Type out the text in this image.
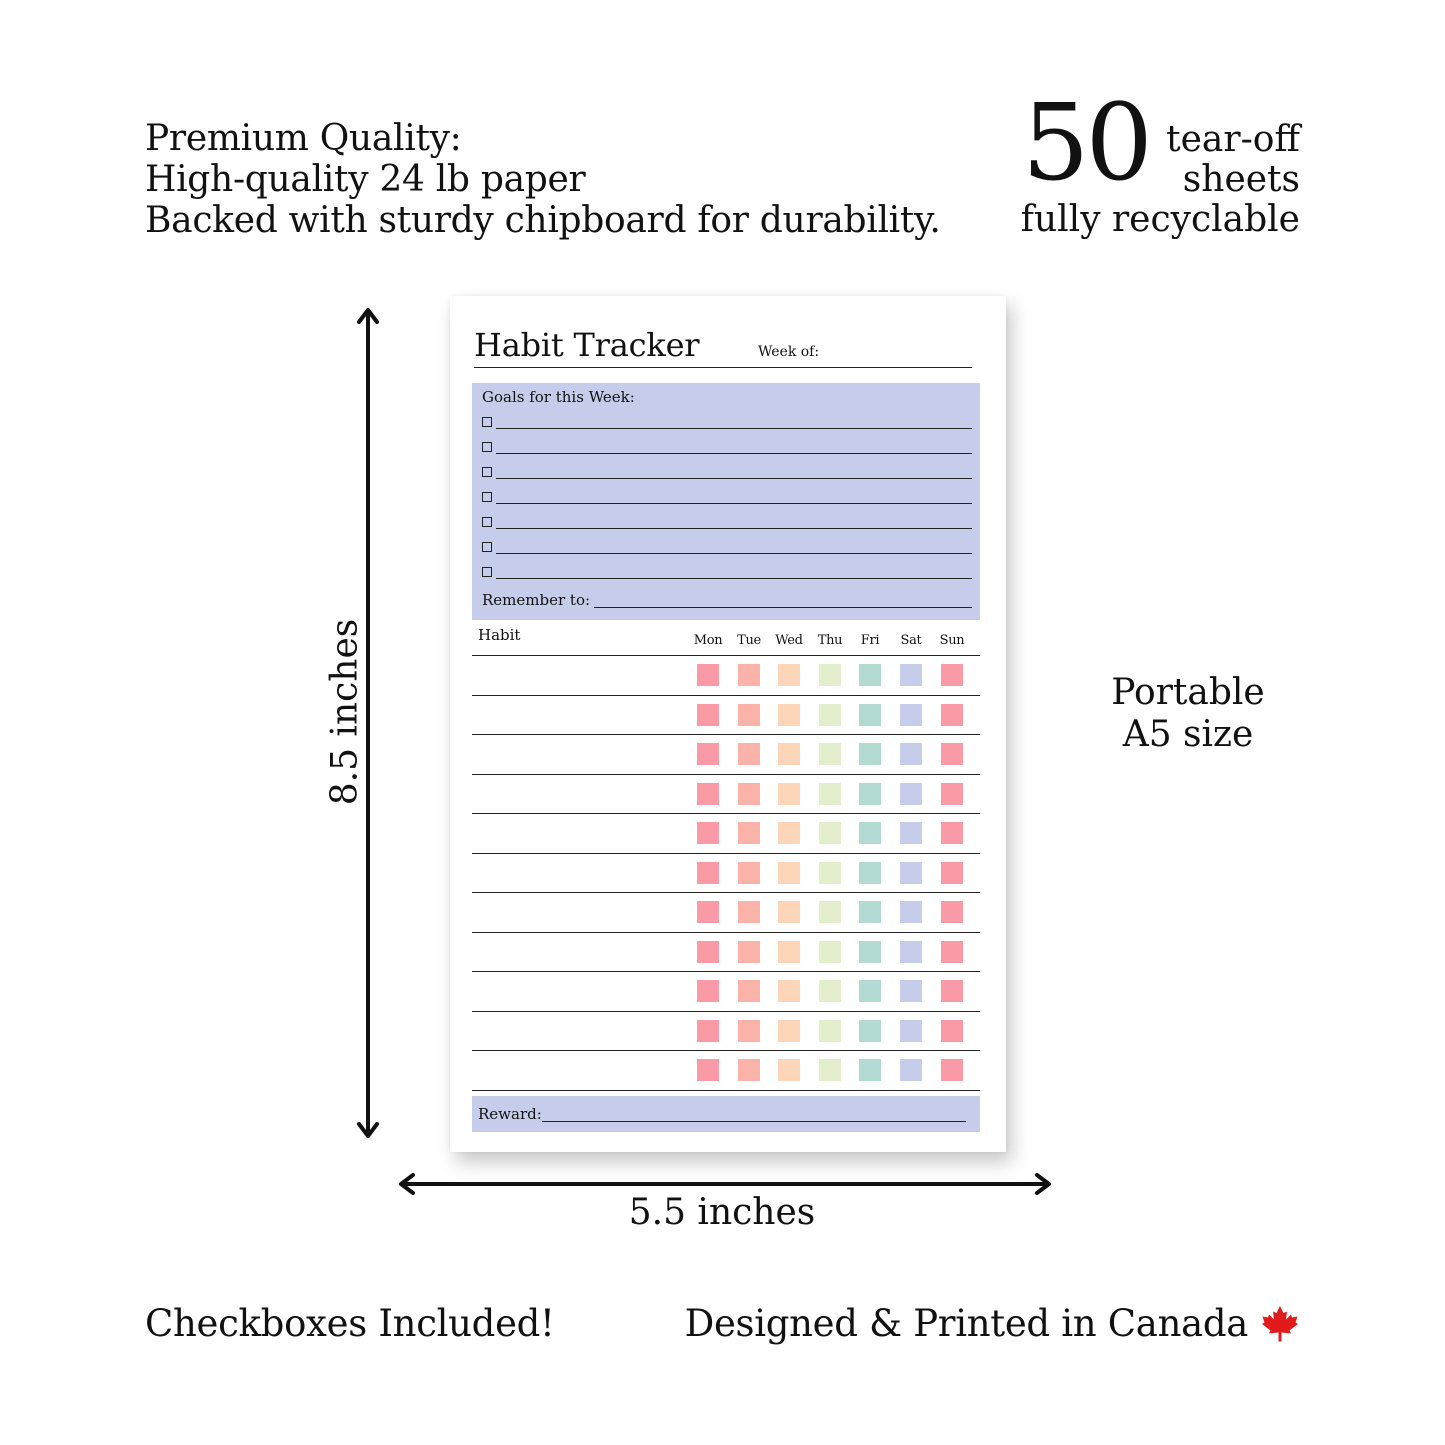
Premium Quality:
High-quality 24 lb paper
Backed with sturdy chipboard for durability.
50 tear-off
sheets
fully recyclable
8.5 inches
5.5 inches
Portable
A5 size
Checkboxes Included!	Designed & Printed in Canada
Habit Tracker	Week of:
Goals for this Week:
Remember to:
Habit	Mon	Tue	Wed	Thu	Fri	Sat	Sun
Reward:
